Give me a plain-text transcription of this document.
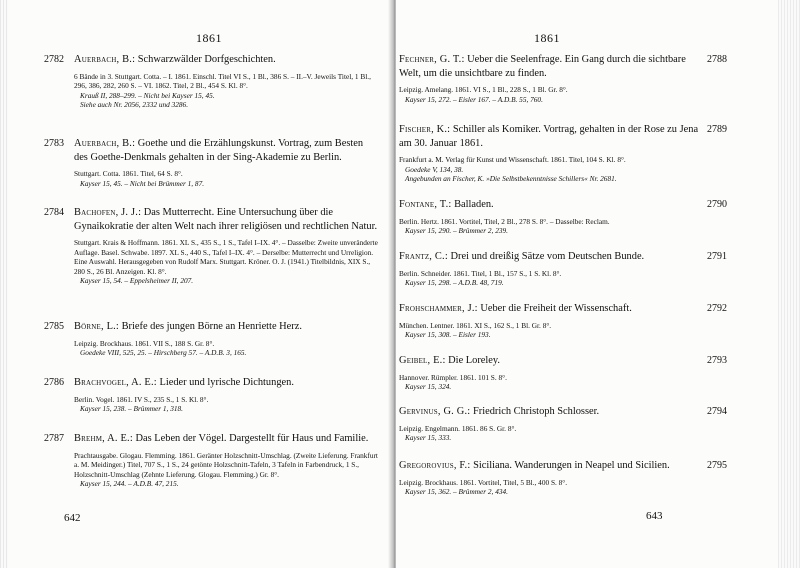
1861
2782 Auerbach, B.: Schwarzwälder Dorfgeschichten.

6 Bände in 3. Stuttgart. Cotta. – I. 1861. Einschl. Titel VI S., 1 Bl., 386 S. – II.–V. Jeweils Titel, 1 Bl., 296, 386, 282, 260 S. – VI. 1862. Titel, 2 Bl., 454 S. Kl. 8°.

Krauß II, 288–299. – Nicht bei Kayser 15, 45.

Siehe auch Nr. 2056, 2332 und 3286.

2783 Auerbach, B.: Goethe und die Erzählungskunst. Vortrag, zum Besten des Goethe-Denkmals gehalten in der Sing-Akademie zu Berlin.

Stuttgart. Cotta. 1861. Titel, 64 S. 8°.

Kayser 15, 45. – Nicht bei Brümmer 1, 87.

2784 Bachofen, J. J.: Das Mutterrecht. Eine Untersuchung über die Gynaikokratie der alten Welt nach ihrer religiösen und rechtlichen Natur.

Stuttgart. Krais & Hoffmann. 1861. XL S., 435 S., 1 S., Tafel I–IX. 4°. – Dasselbe: Zweite unveränderte Auflage. Basel. Schwabe. 1897. XL S., 440 S., Tafel I–IX. 4°. – Derselbe: Mutterrecht und Urreligion. Eine Auswahl. Herausgegeben von Rudolf Marx. Stuttgart. Kröner. O. J. (1941.) Titelbildnis, XIX S., 280 S., 26 Bl. Anzeigen. Kl. 8°.

Kayser 15, 54. – Eppelsheimer II, 207.

2785 Börne, L.: Briefe des jungen Börne an Henriette Herz.

Leipzig. Brockhaus. 1861. VII S., 188 S. Gr. 8°.

Goedeke VIII, 525, 25. – Hirschberg 57. – A.D.B. 3, 165.

2786 Brachvogel, A. E.: Lieder und lyrische Dichtungen.

Berlin. Vogel. 1861. IV S., 235 S., 1 S. Kl. 8°.

Kayser 15, 238. – Brümmer 1, 318.

2787 Brehm, A. E.: Das Leben der Vögel. Dargestellt für Haus und Familie.

Prachtausgabe. Glogau. Flemming. 1861. Geränter Holzschnitt-Umschlag. (Zweite Lieferung. Frankfurt a. M. Meidinger.) Titel, 707 S., 1 S., 24 getönte Holzschnitt-Tafeln, 3 Tafeln in Farbendruck, 1 S., Holzschnitt-Umschlag (Zehnte Lieferung. Glogau. Flemming.) Gr. 8°.

Kayser 15, 244. – A.D.B. 47, 215.

642
1861
2788

Fechner, G. T.: Ueber die Seelenfrage. Ein Gang durch die sichtbare Welt, um die unsichtbare zu finden.

Leipzig. Amelang. 1861. VI S., 1 Bl., 228 S., 1 Bl. Gr. 8°.

Kayser 15, 272. – Eisler 167. – A.D.B. 55, 760.

2789

Fischer, K.: Schiller als Komiker. Vortrag, gehalten in der Rose zu Jena am 30. Januar 1861.

Frankfurt a. M. Verlag für Kunst und Wissenschaft. 1861. Titel, 104 S. Kl. 8°.

Goedeke V, 134, 38.

Angebunden an Fischer, K. »Die Selbstbekenntnisse Schillers« Nr. 2681.

2790

Fontane, T.: Balladen.

Berlin. Hertz. 1861. Vortitel, Titel, 2 Bl., 278 S. 8°. – Dasselbe: Reclam.

Kayser 15, 290. – Brümmer 2, 239.

2791

Frantz, C.: Drei und dreißig Sätze vom Deutschen Bunde.

Berlin. Schneider. 1861. Titel, 1 Bl., 157 S., 1 S. Kl. 8°.

Kayser 15, 298. – A.D.B. 48, 719.

2792

Frohschammer, J.: Ueber die Freiheit der Wissenschaft.

München. Lentner. 1861. XI S., 162 S., 1 Bl. Gr. 8°.

Kayser 15, 308. – Eisler 193.

2793

Geibel, E.: Die Loreley.

Hannover. Rümpler. 1861. 101 S. 8°.

Kayser 15, 324.

2794

Gervinus, G. G.: Friedrich Christoph Schlosser.

Leipzig. Engelmann. 1861. 86 S. Gr. 8°.

Kayser 15, 333.

2795

Gregorovius, F.: Siciliana. Wanderungen in Neapel und Sicilien.

Leipzig. Brockhaus. 1861. Vortitel, Titel, 5 Bl., 400 S. 8°.

Kayser 15, 362. – Brümmer 2, 434.

643
